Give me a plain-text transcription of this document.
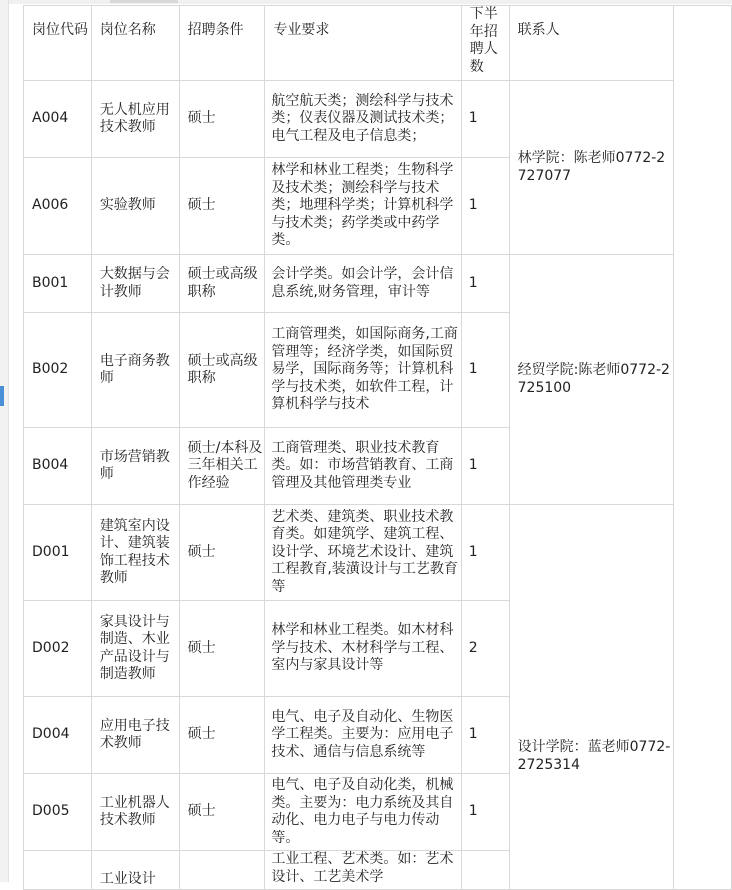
岗位代码	岗位名称	招聘条件	专业要求	下半年招聘人数	联系人	
A004	无人机应用技术教师	硕士	航空航天类；测绘科学与技术类；仪表仪器及测试技术类；电气工程及电子信息类；	1	林学院：陈老师0772-2727077	
A006	实验教师	硕士	林学和林业工程类；生物科学及技术类；测绘科学与技术类；地理科学类；计算机科学与技术类；药学类或中药学类。	1		
B001	大数据与会计教师	硕士或高级职称	会计学类。如会计学，会计信息系统,财务管理，审计等	1	经贸学院:陈老师0772-2725100	
B002	电子商务教师	硕士或高级职称	工商管理类，如国际商务,工商管理等；经济学类，如国际贸易学，国际商务等；计算机科学与技术类，如软件工程，计算机科学与技术	1		
B004	市场营销教师	硕士/本科及三年相关工作经验	工商管理类、职业技术教育类。如：市场营销教育、工商管理及其他管理类专业	1		
D001	建筑室内设计、建筑装饰工程技术教师	硕士	艺术类、建筑类、职业技术教育类。如建筑学、建筑工程、设计学、环境艺术设计、建筑工程教育,装潢设计与工艺教育等	1	设计学院：蓝老师0772-2725314	
D002	家具设计与制造、木业产品设计与制造教师	硕士	林学和林业工程类。如木材科学与技术、木材科学与工程、室内与家具设计等	2		
D004	应用电子技术教师	硕士	电气、电子及自动化、生物医学工程类。主要为：应用电子技术、通信与信息系统等	1		
D005	工业机器人技术教师	硕士	电气、电子及自动化类，机械类。主要为：电力系统及其自动化、电力电子与电力传动等。	1		
	工业设计		工业工程、艺术类。如：艺术设计、工艺美术学			
